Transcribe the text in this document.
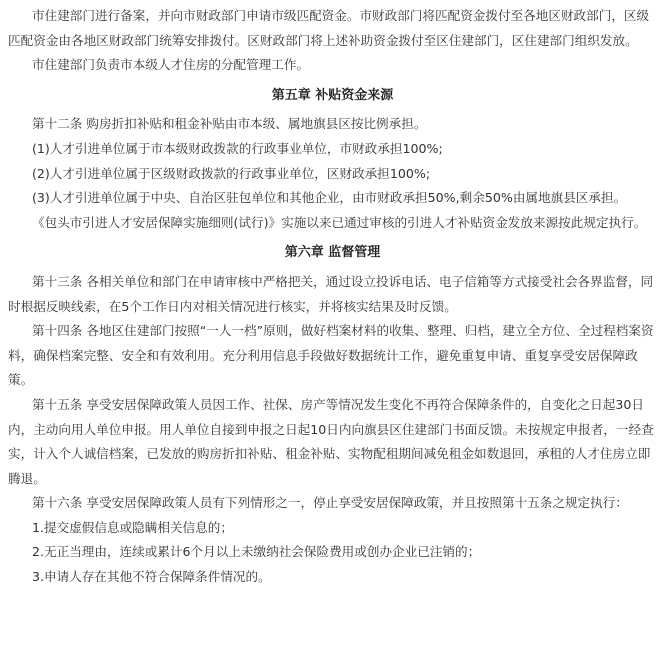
市住建部门进行备案，并向市财政部门申请市级匹配资金。市财政部门将匹配资金拨付至各地区财政部门，区级匹配资金由各地区财政部门统筹安排拨付。区财政部门将上述补助资金拨付至区住建部门，区住建部门组织发放。

市住建部门负责市本级人才住房的分配管理工作。

第五章 补贴资金来源

第十二条 购房折扣补贴和租金补贴由市本级、属地旗县区按比例承担。

(1)人才引进单位属于市本级财政拨款的行政事业单位，市财政承担100%;

(2)人才引进单位属于区级财政拨款的行政事业单位，区财政承担100%;

(3)人才引进单位属于中央、自治区驻包单位和其他企业，由市财政承担50%,剩余50%由属地旗县区承担。

《包头市引进人才安居保障实施细则(试行)》实施以来已通过审核的引进人才补贴资金发放来源按此规定执行。

第六章 监督管理

第十三条 各相关单位和部门在申请审核中严格把关，通过设立投诉电话、电子信箱等方式接受社会各界监督，同时根据反映线索，在5个工作日内对相关情况进行核实，并将核实结果及时反馈。

第十四条 各地区住建部门按照“一人一档”原则，做好档案材料的收集、整理、归档，建立全方位、全过程档案资料，确保档案完整、安全和有效利用。充分利用信息手段做好数据统计工作，避免重复申请、重复享受安居保障政策。

第十五条 享受安居保障政策人员因工作、社保、房产等情况发生变化不再符合保障条件的，自变化之日起30日内，主动向用人单位申报。用人单位自接到申报之日起10日内向旗县区住建部门书面反馈。未按规定申报者，一经查实，计入个人诚信档案，已发放的购房折扣补贴、租金补贴、实物配租期间减免租金如数退回，承租的人才住房立即腾退。

第十六条 享受安居保障政策人员有下列情形之一，停止享受安居保障政策，并且按照第十五条之规定执行：

1.提交虚假信息或隐瞒相关信息的；

2.无正当理由，连续或累计6个月以上未缴纳社会保险费用或创办企业已注销的；

3.申请人存在其他不符合保障条件情况的。
